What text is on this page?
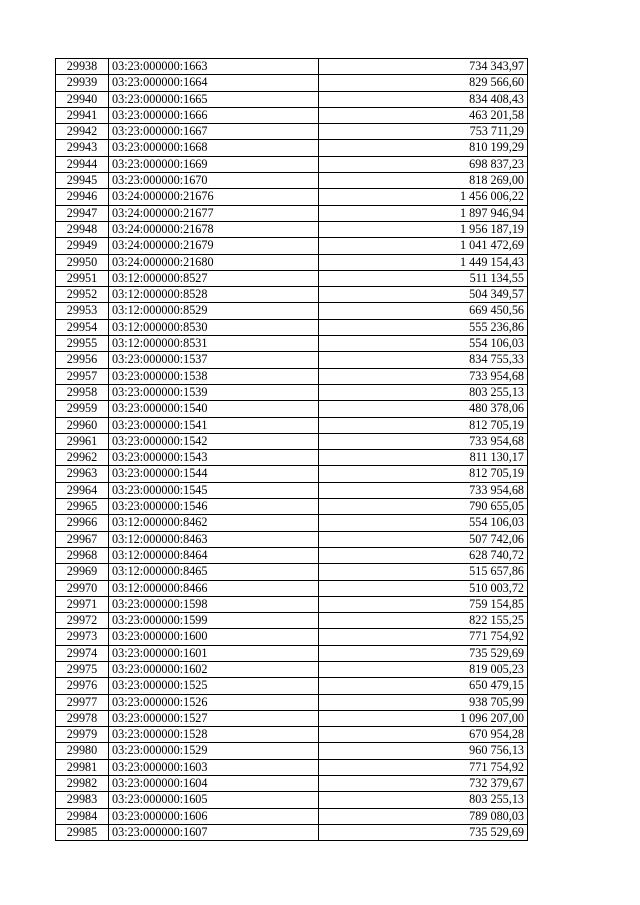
29938	03:23:000000:1663	734 343,97
29939	03:23:000000:1664	829 566,60
29940	03:23:000000:1665	834 408,43
29941	03:23:000000:1666	463 201,58
29942	03:23:000000:1667	753 711,29
29943	03:23:000000:1668	810 199,29
29944	03:23:000000:1669	698 837,23
29945	03:23:000000:1670	818 269,00
29946	03:24:000000:21676	1 456 006,22
29947	03:24:000000:21677	1 897 946,94
29948	03:24:000000:21678	1 956 187,19
29949	03:24:000000:21679	1 041 472,69
29950	03:24:000000:21680	1 449 154,43
29951	03:12:000000:8527	511 134,55
29952	03:12:000000:8528	504 349,57
29953	03:12:000000:8529	669 450,56
29954	03:12:000000:8530	555 236,86
29955	03:12:000000:8531	554 106,03
29956	03:23:000000:1537	834 755,33
29957	03:23:000000:1538	733 954,68
29958	03:23:000000:1539	803 255,13
29959	03:23:000000:1540	480 378,06
29960	03:23:000000:1541	812 705,19
29961	03:23:000000:1542	733 954,68
29962	03:23:000000:1543	811 130,17
29963	03:23:000000:1544	812 705,19
29964	03:23:000000:1545	733 954,68
29965	03:23:000000:1546	790 655,05
29966	03:12:000000:8462	554 106,03
29967	03:12:000000:8463	507 742,06
29968	03:12:000000:8464	628 740,72
29969	03:12:000000:8465	515 657,86
29970	03:12:000000:8466	510 003,72
29971	03:23:000000:1598	759 154,85
29972	03:23:000000:1599	822 155,25
29973	03:23:000000:1600	771 754,92
29974	03:23:000000:1601	735 529,69
29975	03:23:000000:1602	819 005,23
29976	03:23:000000:1525	650 479,15
29977	03:23:000000:1526	938 705,99
29978	03:23:000000:1527	1 096 207,00
29979	03:23:000000:1528	670 954,28
29980	03:23:000000:1529	960 756,13
29981	03:23:000000:1603	771 754,92
29982	03:23:000000:1604	732 379,67
29983	03:23:000000:1605	803 255,13
29984	03:23:000000:1606	789 080,03
29985	03:23:000000:1607	735 529,69
